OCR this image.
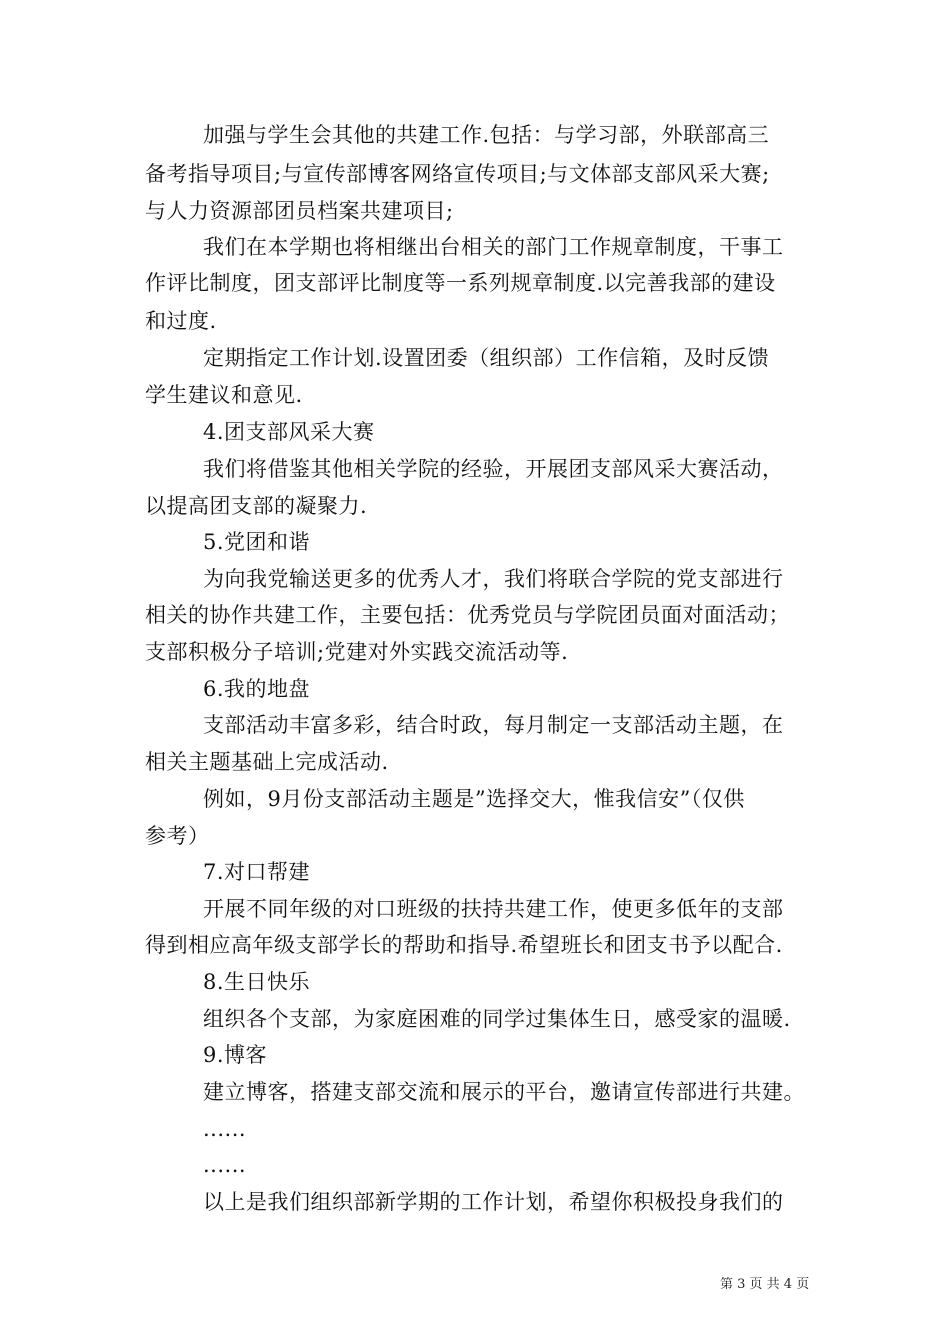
加强与学生会其他的共建工作.包括：与学习部，外联部高三
备考指导项目;与宣传部博客网络宣传项目;与文体部支部风采大赛;
与人力资源部团员档案共建项目;
我们在本学期也将相继出台相关的部门工作规章制度，干事工
作评比制度，团支部评比制度等一系列规章制度.以完善我部的建设
和过度.
定期指定工作计划.设置团委（组织部）工作信箱，及时反馈
学生建议和意见.
4.团支部风采大赛
我们将借鉴其他相关学院的经验，开展团支部风采大赛活动，
以提高团支部的凝聚力.
5.党团和谐
为向我党输送更多的优秀人才，我们将联合学院的党支部进行
相关的协作共建工作，主要包括：优秀党员与学院团员面对面活动；
支部积极分子培训;党建对外实践交流活动等.
6.我的地盘
支部活动丰富多彩，结合时政，每月制定一支部活动主题，在
相关主题基础上完成活动.
例如，9月份支部活动主题是”选择交大，惟我信安”（仅供
参考）
7.对口帮建
开展不同年级的对口班级的扶持共建工作，使更多低年的支部
得到相应高年级支部学长的帮助和指导.希望班长和团支书予以配合.
8.生日快乐
组织各个支部，为家庭困难的同学过集体生日，感受家的温暖.
9.博客
建立博客，搭建支部交流和展示的平台，邀请宣传部进行共建。
......
......
以上是我们组织部新学期的工作计划，希望你积极投身我们的
第 3 页 共 4 页
